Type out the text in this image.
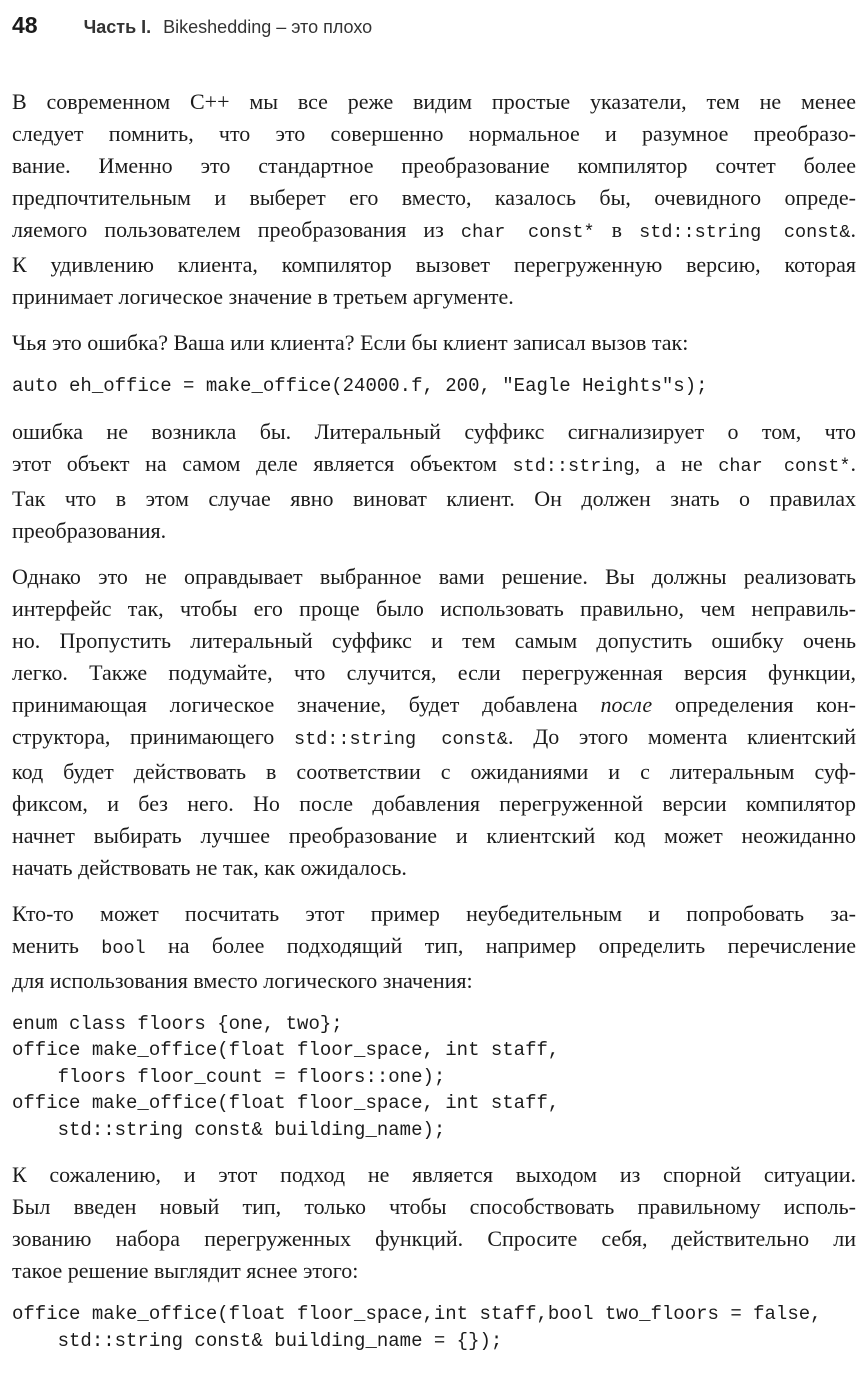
48	Часть I. Bikeshedding – это плохо

В современном C++ мы все реже видим простые указатели, тем не менее
следует помнить, что это совершенно нормальное и разумное преобразо-
вание. Именно это стандартное преобразование компилятор сочтет более
предпочтительным и выберет его вместо, казалось бы, очевидного опреде-
ляемого пользователем преобразования из char const* в std::string const&.
К удивлению клиента, компилятор вызовет перегруженную версию, которая
принимает логическое значение в третьем аргументе.

Чья это ошибка? Ваша или клиента? Если бы клиент записал вызов так:

auto eh_office = make_office(24000.f, 200, "Eagle Heights"s);

ошибка не возникла бы. Литеральный суффикс сигнализирует о том, что
этот объект на самом деле является объектом std::string, а не char const*.
Так что в этом случае явно виноват клиент. Он должен знать о правилах
преобразования.

Однако это не оправдывает выбранное вами решение. Вы должны реализовать
интерфейс так, чтобы его проще было использовать правильно, чем неправиль-
но. Пропустить литеральный суффикс и тем самым допустить ошибку очень
легко. Также подумайте, что случится, если перегруженная версия функции,
принимающая логическое значение, будет добавлена после определения кон-
структора, принимающего std::string const&. До этого момента клиентский
код будет действовать в соответствии с ожиданиями и с литеральным суф-
фиксом, и без него. Но после добавления перегруженной версии компилятор
начнет выбирать лучшее преобразование и клиентский код может неожиданно
начать действовать не так, как ожидалось.

Кто-то может посчитать этот пример неубедительным и попробовать за-
менить bool на более подходящий тип, например определить перечисление
для использования вместо логического значения:

enum class floors {one, two};
office make_office(float floor_space, int staff,
floors floor_count = floors::one);
office make_office(float floor_space, int staff,
std::string const& building_name);

К сожалению, и этот подход не является выходом из спорной ситуации.
Был введен новый тип, только чтобы способствовать правильному исполь-
зованию набора перегруженных функций. Спросите себя, действительно ли
такое решение выглядит яснее этого:

office make_office(float floor_space,int staff,bool two_floors = false,
std::string const& building_name = {});
